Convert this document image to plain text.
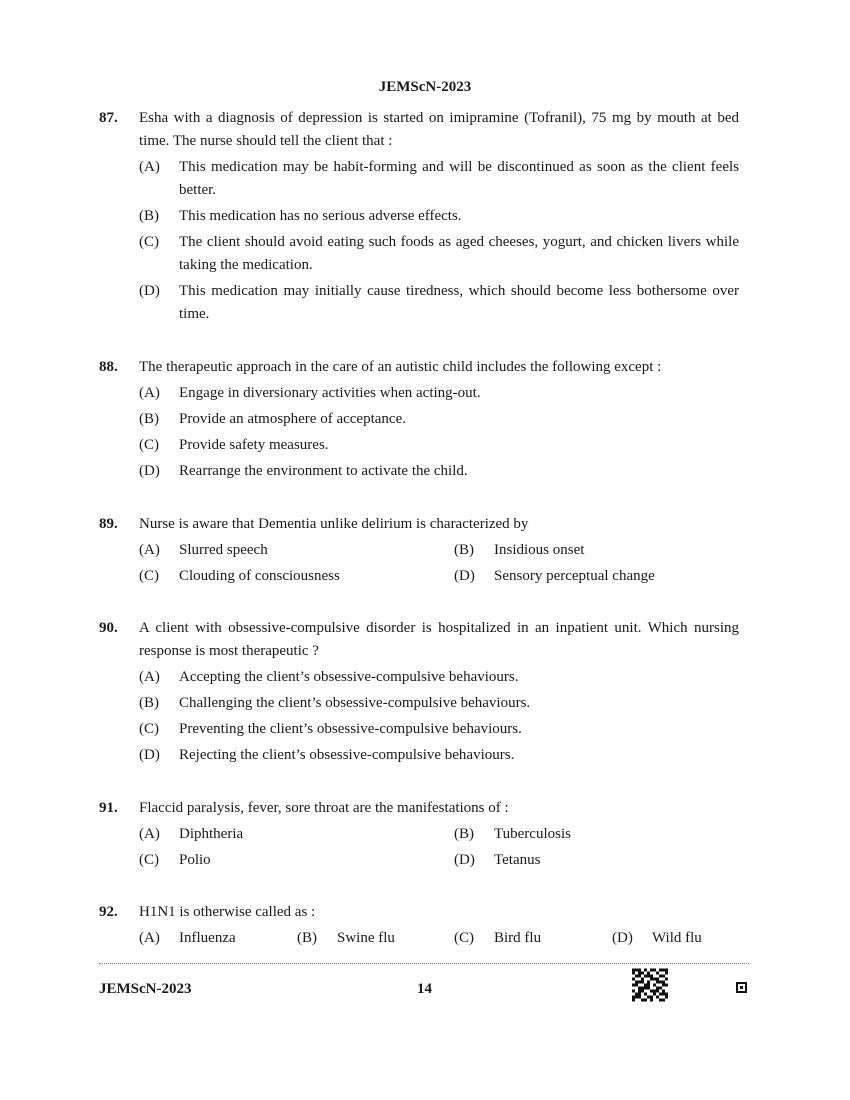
JEMScN-2023
87. Esha with a diagnosis of depression is started on imipramine (Tofranil), 75 mg by mouth at bed time. The nurse should tell the client that :
(A) This medication may be habit-forming and will be discontinued as soon as the client feels better.
(B) This medication has no serious adverse effects.
(C) The client should avoid eating such foods as aged cheeses, yogurt, and chicken livers while taking the medication.
(D) This medication may initially cause tiredness, which should become less bothersome over time.
88. The therapeutic approach in the care of an autistic child includes the following except :
(A) Engage in diversionary activities when acting-out.
(B) Provide an atmosphere of acceptance.
(C) Provide safety measures.
(D) Rearrange the environment to activate the child.
89. Nurse is aware that Dementia unlike delirium is characterized by
(A) Slurred speech	(B) Insidious onset
(C) Clouding of consciousness	(D) Sensory perceptual change
90. A client with obsessive-compulsive disorder is hospitalized in an inpatient unit. Which nursing response is most therapeutic ?
(A) Accepting the client’s obsessive-compulsive behaviours.
(B) Challenging the client’s obsessive-compulsive behaviours.
(C) Preventing the client’s obsessive-compulsive behaviours.
(D) Rejecting the client’s obsessive-compulsive behaviours.
91. Flaccid paralysis, fever, sore throat are the manifestations of :
(A) Diphtheria	(B) Tuberculosis
(C) Polio	(D) Tetanus
92. H1N1 is otherwise called as :
(A) Influenza	(B) Swine flu	(C) Bird flu	(D) Wild flu
JEMScN-2023	14
